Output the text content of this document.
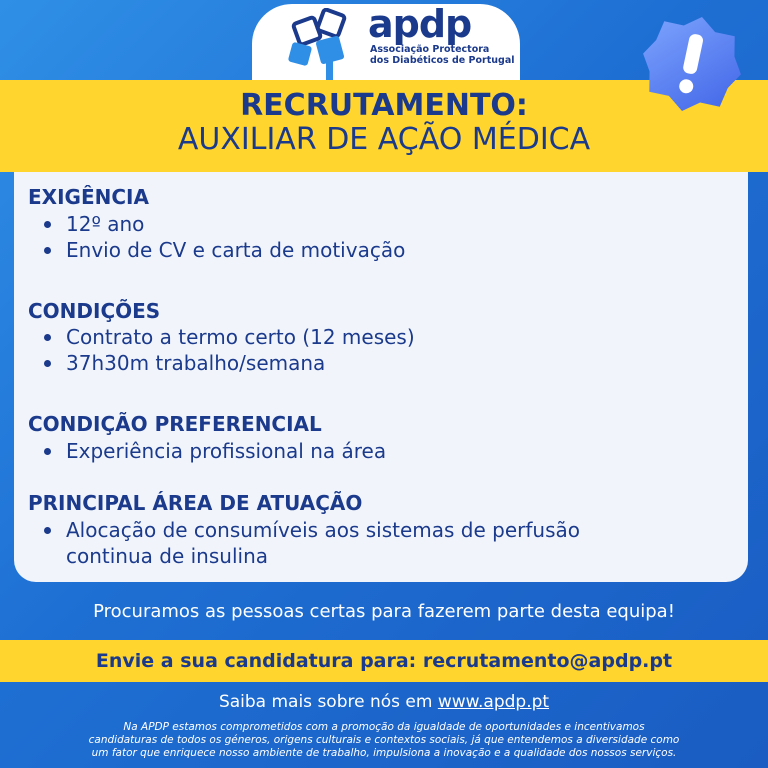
apdp
Associação Protectora
dos Diabéticos de Portugal
RECRUTAMENTO:
AUXILIAR DE AÇÃO MÉDICA
EXIGÊNCIA
12º ano
Envio de CV e carta de motivação
CONDIÇÕES
Contrato a termo certo (12 meses)
37h30m trabalho/semana
CONDIÇÃO PREFERENCIAL
Experiência profissional na área
PRINCIPAL ÁREA DE ATUAÇÃO
Alocação de consumíveis aos sistemas de perfusão
continua de insulina
Procuramos as pessoas certas para fazerem parte desta equipa!
Envie a sua candidatura para: recrutamento@apdp.pt
Saiba mais sobre nós em www.apdp.pt
Na APDP estamos comprometidos com a promoção da igualdade de oportunidades e incentivamos
candidaturas de todos os géneros, origens culturais e contextos sociais, já que entendemos a diversidade como
um fator que enriquece nosso ambiente de trabalho, impulsiona a inovação e a qualidade dos nossos serviços.
